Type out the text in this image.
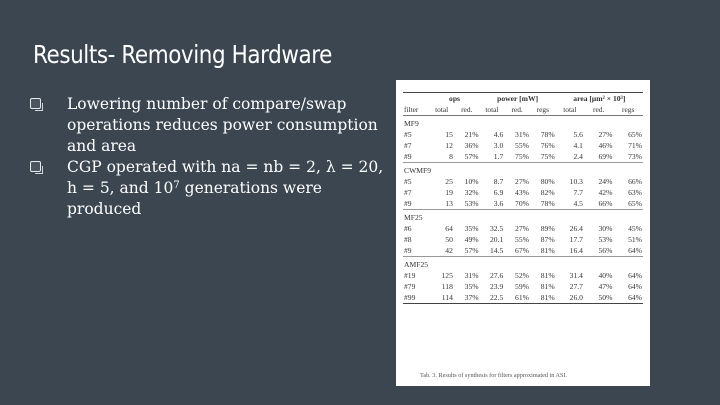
Results- Removing Hardware
Lowering number of compare/swap operations reduces power consumption and area
CGP operated with na = nb = 2, λ = 20, h = 5, and $10^7$ generations were produced
	ops		power [mW]			area [μm² × 10³]		
filter	total	red.	total	red.	regs	total	red.	regs
MF9								
#5	15	21%	4.6	31%	78%	5.6	27%	65%
#7	12	36%	3.0	55%	76%	4.1	46%	71%
#9	8	57%	1.7	75%	75%	2.4	69%	73%
CWMF9								
#5	25	10%	8.7	27%	80%	10.3	24%	66%
#7	19	32%	6.9	43%	82%	7.7	42%	63%
#9	13	53%	3.6	70%	78%	4.5	66%	65%
MF25								
#6	64	35%	32.5	27%	89%	26.4	30%	45%
#8	50	49%	20.1	55%	87%	17.7	53%	51%
#9	42	57%	14.5	67%	81%	16.4	56%	64%
AMF25								
#19	125	31%	27.6	52%	81%	31.4	40%	64%
#79	118	35%	23.9	59%	81%	27.7	47%	64%
#99	114	37%	22.5	61%	81%	26.0	50%	64%
Tab. 3. Results of synthesis for filters approximated in ASI.
